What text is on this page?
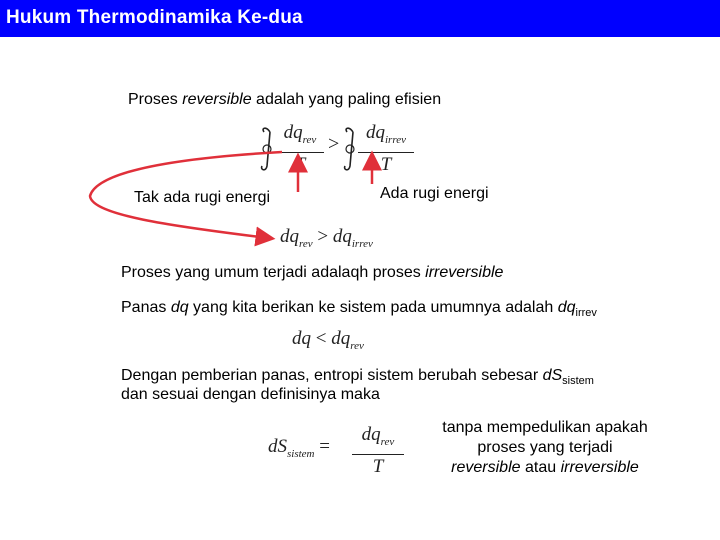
Hukum Thermodinamika Ke-dua
Proses reversible adalah yang paling efisien
$dq_{rev}$
T
>
$dq_{irrev}$
T
Tak ada rugi energi	Ada rugi energi
$dq_{rev} > dq_{irrev}$
Proses yang umum terjadi adalaqh proses irreversible
Panas dq yang kita berikan ke sistem pada umumnya adalah $dq_{irrev}$
dq < $dq_{rev}$
Dengan pemberian panas, entropi sistem berubah sebesar $dS_{sistem}$
dan sesuai dengan definisinya maka
$dS_{sistem}$ =
$dq_{rev}$
T
tanpa mempedulikan apakah
proses yang terjadi
reversible atau irreversible
